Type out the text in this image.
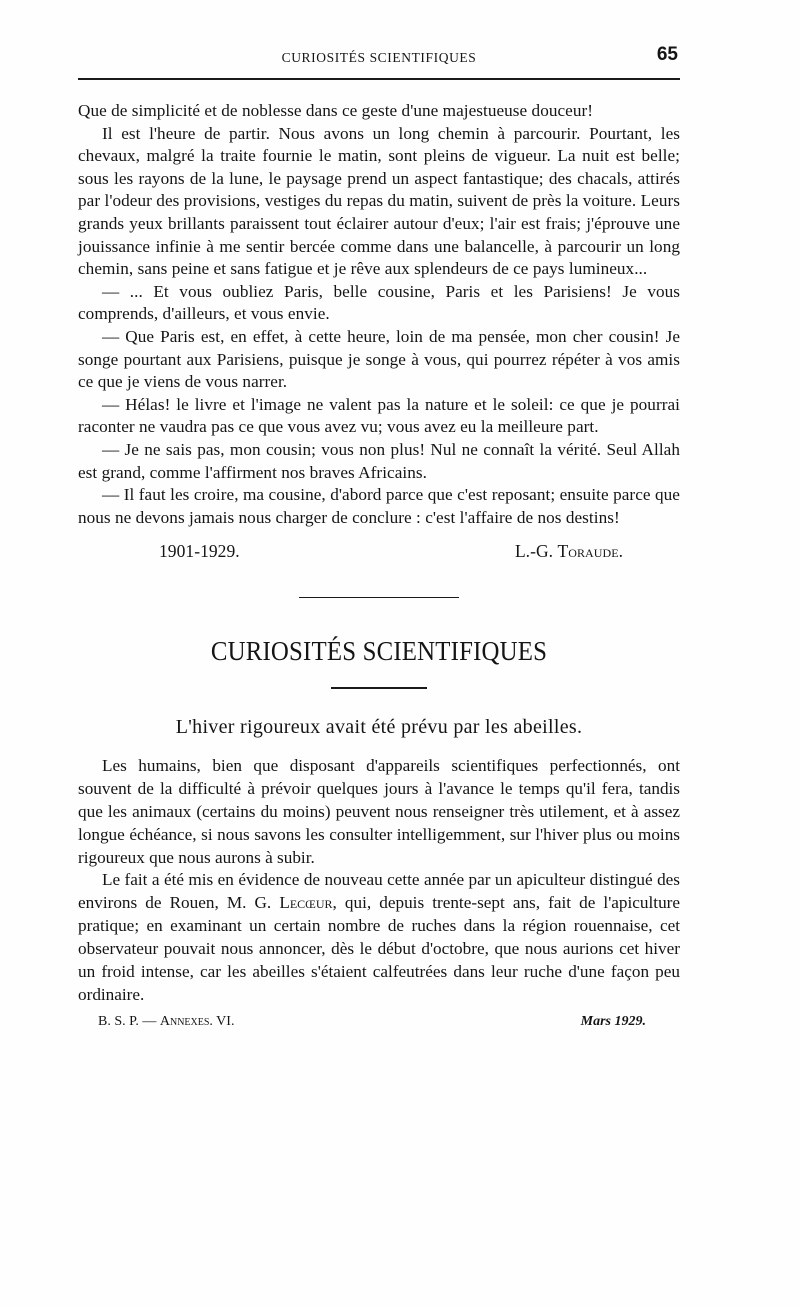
CURIOSITÉS SCIENTIFIQUES	65

Que de simplicité et de noblesse dans ce geste d'une majestueuse douceur!

Il est l'heure de partir. Nous avons un long chemin à parcourir. Pourtant, les chevaux, malgré la traite fournie le matin, sont pleins de vigueur. La nuit est belle; sous les rayons de la lune, le paysage prend un aspect fantastique; des chacals, attirés par l'odeur des provisions, vestiges du repas du matin, suivent de près la voiture. Leurs grands yeux brillants paraissent tout éclairer autour d'eux; l'air est frais; j'éprouve une jouissance infinie à me sentir bercée comme dans une balancelle, à parcourir un long chemin, sans peine et sans fatigue et je rêve aux splendeurs de ce pays lumineux...

— ... Et vous oubliez Paris, belle cousine, Paris et les Parisiens! Je vous comprends, d'ailleurs, et vous envie.

— Que Paris est, en effet, à cette heure, loin de ma pensée, mon cher cousin! Je songe pourtant aux Parisiens, puisque je songe à vous, qui pourrez répéter à vos amis ce que je viens de vous narrer.

— Hélas! le livre et l'image ne valent pas la nature et le soleil: ce que je pourrai raconter ne vaudra pas ce que vous avez vu; vous avez eu la meilleure part.

— Je ne sais pas, mon cousin; vous non plus! Nul ne connaît la vérité. Seul Allah est grand, comme l'affirment nos braves Africains.

— Il faut les croire, ma cousine, d'abord parce que c'est reposant; ensuite parce que nous ne devons jamais nous charger de conclure : c'est l'affaire de nos destins!

1901-1929.	L.-G. Toraude.
CURIOSITÉS SCIENTIFIQUES
L'hiver rigoureux avait été prévu par les abeilles.

Les humains, bien que disposant d'appareils scientifiques perfectionnés, ont souvent de la difficulté à prévoir quelques jours à l'avance le temps qu'il fera, tandis que les animaux (certains du moins) peuvent nous renseigner très utilement, et à assez longue échéance, si nous savons les consulter intelligemment, sur l'hiver plus ou moins rigoureux que nous aurons à subir.

Le fait a été mis en évidence de nouveau cette année par un apiculteur distingué des environs de Rouen, M. G. Lecœur, qui, depuis trente-sept ans, fait de l'apiculture pratique; en examinant un certain nombre de ruches dans la région rouennaise, cet observateur pouvait nous annoncer, dès le début d'octobre, que nous aurions cet hiver un froid intense, car les abeilles s'étaient calfeutrées dans leur ruche d'une façon peu ordinaire.

B. S. P. — Annexes. VI.	Mars 1929.
